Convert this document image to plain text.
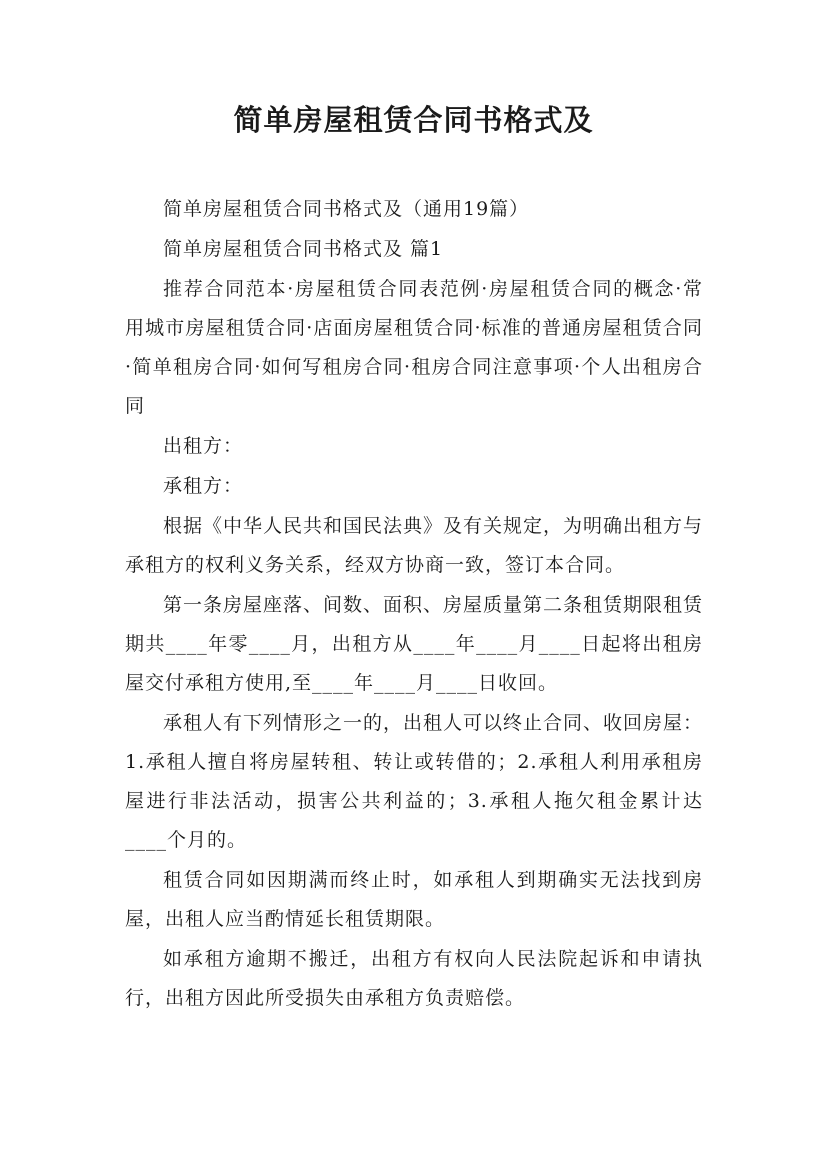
简单房屋租赁合同书格式及

简单房屋租赁合同书格式及（通用19篇）

简单房屋租赁合同书格式及 篇1

推荐合同范本·房屋租赁合同表范例·房屋租赁合同的概念·常用城市房屋租赁合同·店面房屋租赁合同·标准的普通房屋租赁合同·简单租房合同·如何写租房合同·租房合同注意事项·个人出租房合同

出租方：

承租方：

根据《中华人民共和国民法典》及有关规定，为明确出租方与承租方的权利义务关系，经双方协商一致，签订本合同。

第一条房屋座落、间数、面积、房屋质量第二条租赁期限租赁期共____年零____月，出租方从____年____月____日起将出租房屋交付承租方使用,至____年____月____日收回。

承租人有下列情形之一的，出租人可以终止合同、收回房屋：1.承租人擅自将房屋转租、转让或转借的；2.承租人利用承租房屋进行非法活动，损害公共利益的；3.承租人拖欠租金累计达____个月的。

租赁合同如因期满而终止时，如承租人到期确实无法找到房屋，出租人应当酌情延长租赁期限。

如承租方逾期不搬迁，出租方有权向人民法院起诉和申请执行，出租方因此所受损失由承租方负责赔偿。
